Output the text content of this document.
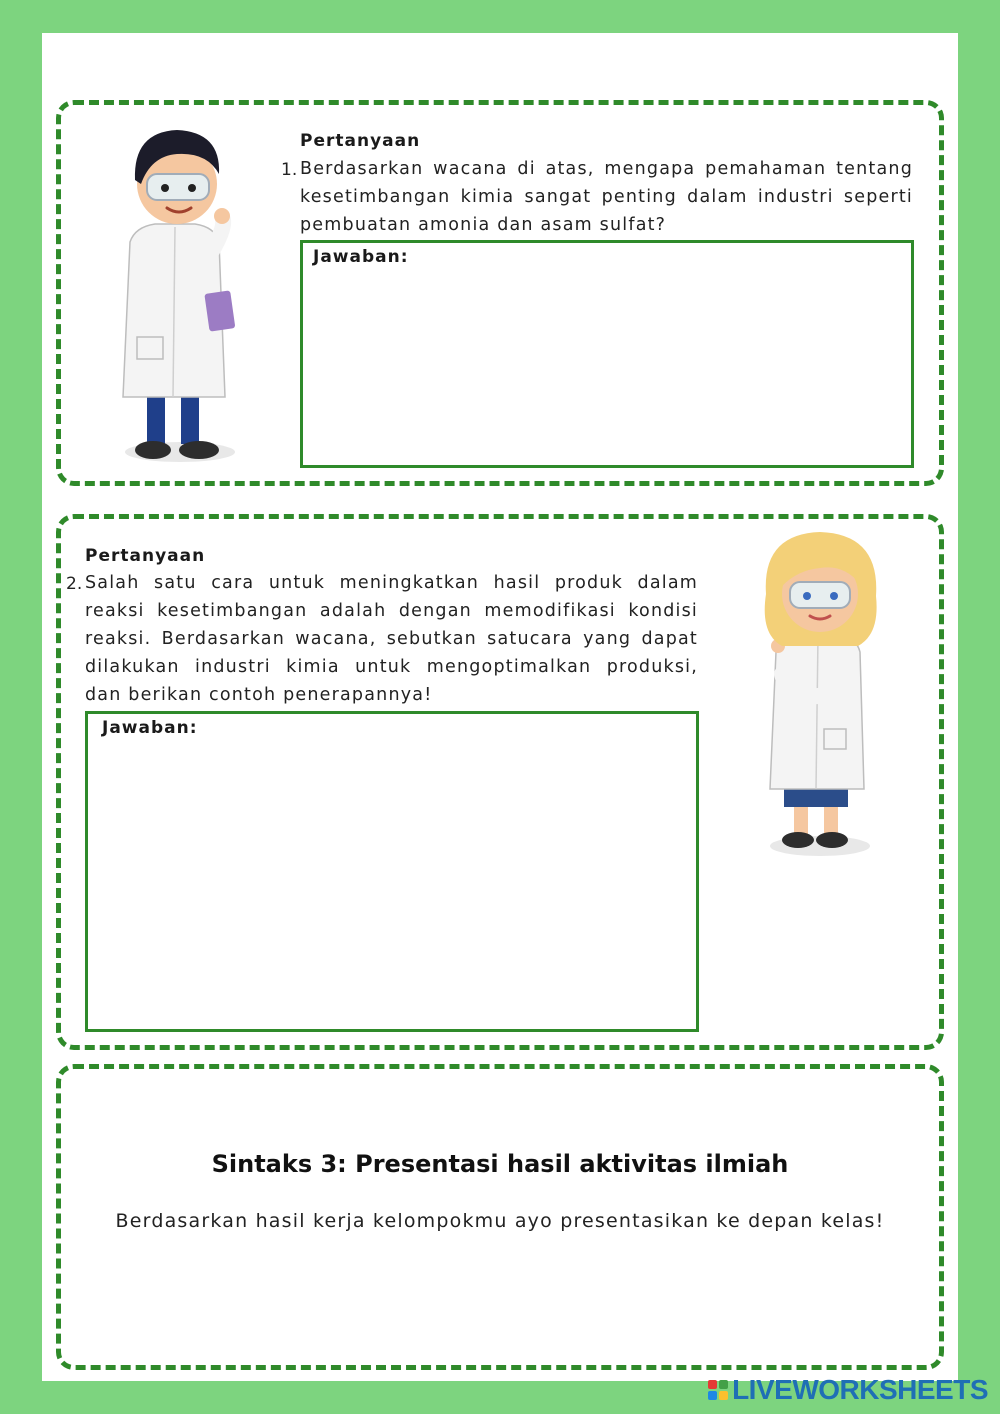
Pertanyaan
1. Berdasarkan wacana di atas, mengapa pemahaman tentang kesetimbangan kimia sangat penting dalam industri seperti pembuatan amonia dan asam sulfat?

Jawaban:
Pertanyaan
2. Salah satu cara untuk meningkatkan hasil produk dalam reaksi kesetimbangan adalah dengan memodifikasi kondisi reaksi. Berdasarkan wacana, sebutkan satucara yang dapat dilakukan industri kimia untuk mengoptimalkan produksi, dan berikan contoh penerapannya!

Jawaban:
Sintaks 3: Presentasi hasil aktivitas ilmiah
Berdasarkan hasil kerja kelompokmu ayo presentasikan ke depan kelas!
LIVEWORKSHEETS
